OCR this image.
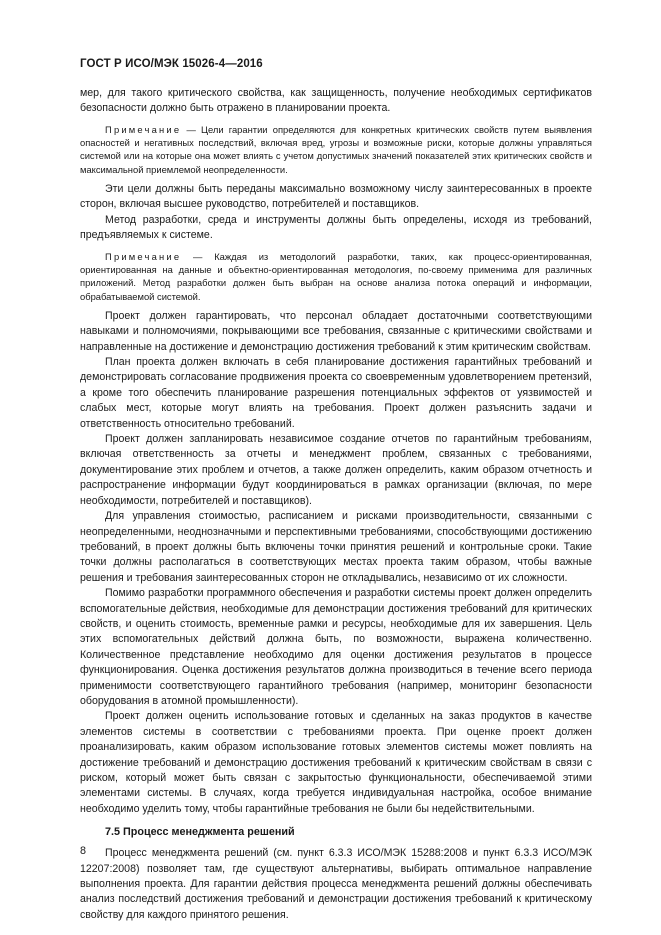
ГОСТ Р ИСО/МЭК 15026-4—2016

мер, для такого критического свойства, как защищенность, получение необходимых сертификатов безопасности должно быть отражено в планировании проекта.

Примечание — Цели гарантии определяются для конкретных критических свойств путем выявления опасностей и негативных последствий, включая вред, угрозы и возможные риски, которые должны управляться системой или на которые она может влиять с учетом допустимых значений показателей этих критических свойств и максимальной приемлемой неопределенности.

Эти цели должны быть переданы максимально возможному числу заинтересованных в проекте сторон, включая высшее руководство, потребителей и поставщиков.

Метод разработки, среда и инструменты должны быть определены, исходя из требований, предъявляемых к системе.

Примечание — Каждая из методологий разработки, таких, как процесс-ориентированная, ориентированная на данные и объектно-ориентированная методология, по-своему применима для различных приложений. Метод разработки должен быть выбран на основе анализа потока операций и информации, обрабатываемой системой.

Проект должен гарантировать, что персонал обладает достаточными соответствующими навыками и полномочиями, покрывающими все требования, связанные с критическими свойствами и направленные на достижение и демонстрацию достижения требований к этим критическим свойствам.

План проекта должен включать в себя планирование достижения гарантийных требований и демонстрировать согласование продвижения проекта со своевременным удовлетворением претензий, а кроме того обеспечить планирование разрешения потенциальных эффектов от уязвимостей и слабых мест, которые могут влиять на требования. Проект должен разъяснить задачи и ответственность относительно требований.

Проект должен запланировать независимое создание отчетов по гарантийным требованиям, включая ответственность за отчеты и менеджмент проблем, связанных с требованиями, документирование этих проблем и отчетов, а также должен определить, каким образом отчетность и распространение информации будут координироваться в рамках организации (включая, по мере необходимости, потребителей и поставщиков).

Для управления стоимостью, расписанием и рисками производительности, связанными с неопределенными, неоднозначными и перспективными требованиями, способствующими достижению требований, в проект должны быть включены точки принятия решений и контрольные сроки. Такие точки должны располагаться в соответствующих местах проекта таким образом, чтобы важные решения и требования заинтересованных сторон не откладывались, независимо от их сложности.

Помимо разработки программного обеспечения и разработки системы проект должен определить вспомогательные действия, необходимые для демонстрации достижения требований для критических свойств, и оценить стоимость, временные рамки и ресурсы, необходимые для их завершения. Цель этих вспомогательных действий должна быть, по возможности, выражена количественно. Количественное представление необходимо для оценки достижения результатов в процессе функционирования. Оценка достижения результатов должна производиться в течение всего периода применимости соответствующего гарантийного требования (например, мониторинг безопасности оборудования в атомной промышленности).

Проект должен оценить использование готовых и сделанных на заказ продуктов в качестве элементов системы в соответствии с требованиями проекта. При оценке проект должен проанализировать, каким образом использование готовых элементов системы может повлиять на достижение требований и демонстрацию достижения требований к критическим свойствам в связи с риском, который может быть связан с закрытостью функциональности, обеспечиваемой этими элементами системы. В случаях, когда требуется индивидуальная настройка, особое внимание необходимо уделить тому, чтобы гарантийные требования не были бы недействительными.

7.5 Процесс менеджмента решений

Процесс менеджмента решений (см. пункт 6.3.3 ИСО/МЭК 15288:2008 и пункт 6.3.3 ИСО/МЭК 12207:2008) позволяет там, где существуют альтернативы, выбирать оптимальное направление выполнения проекта. Для гарантии действия процесса менеджмента решений должны обеспечивать анализ последствий достижения требований и демонстрации достижения требований к критическому свойству для каждого принятого решения.

8
